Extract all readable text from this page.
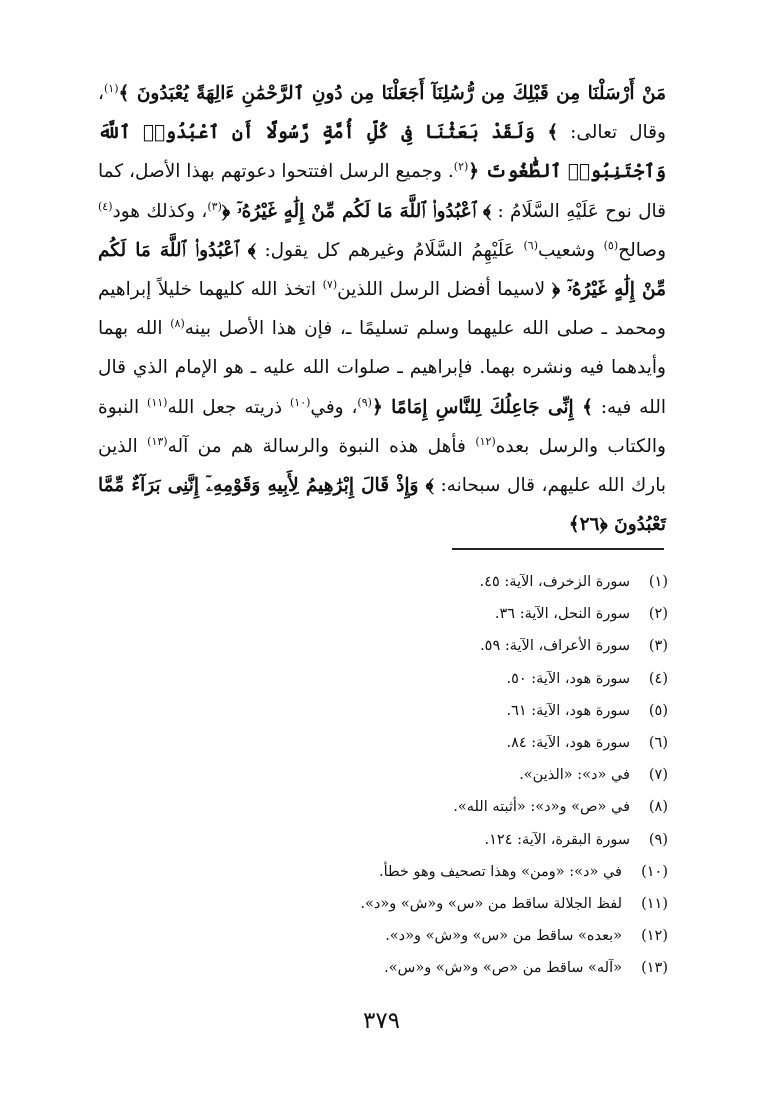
مَنْ أَرْسَلْنَا مِن قَبْلِكَ مِن رُّسُلِنَآ أَجَعَلْنَا مِن دُونِ ٱلرَّحْمَٰنِ ءَالِهَةً يُعْبَدُونَ ﴾$^{(١)}$، وقال تعالى: ﴾ وَلَقَدْ بَعَثْنَا فِى كُلِّ أُمَّةٍ رَّسُولًا أَنِ ٱعْبُدُوا۟ ٱللَّهَ وَٱجْتَنِبُوا۟ ٱلطَّٰغُوتَ ﴿$^{(٢)}$. وجميع الرسل افتتحوا دعوتهم بهذا الأصل، كما قال نوح عَلَيْهِ السَّلَامُ : ﴾ ٱعْبُدُوا۟ ٱللَّهَ مَا لَكُم مِّنْ إِلَٰهٍ غَيْرُهُۥٓ ﴿$^{(٣)}$، وكذلك هود$^{(٤)}$ وصالح$^{(٥)}$ وشعيب$^{(٦)}$ عَلَيْهِمُ السَّلَامُ وغيرهم كل يقول: ﴾ ٱعْبُدُوا۟ ٱللَّهَ مَا لَكُم مِّنْ إِلَٰهٍ غَيْرُهُۥٓ ﴿ لاسيما أفضل الرسل اللذين$^{(٧)}$ اتخذ الله كليهما خليلاً إبراهيم ومحمد ـ صلى الله عليهما وسلم تسليمًا ـ، فإن هذا الأصل بينه$^{(٨)}$ الله بهما وأيدهما فيه ونشره بهما. فإبراهيم ـ صلوات الله عليه ـ هو الإمام الذي قال الله فيه: ﴾ إِنِّى جَاعِلُكَ لِلنَّاسِ إِمَامًا ﴿$^{(٩)}$، وفي$^{(١٠)}$ ذريته جعل الله$^{(١١)}$ النبوة والكتاب والرسل بعده$^{(١٢)}$ فأهل هذه النبوة والرسالة هم من آله$^{(١٣)}$ الذين بارك الله عليهم، قال سبحانه: ﴾ وَإِذْ قَالَ إِبْرَٰهِيمُ لِأَبِيهِ وَقَوْمِهِۦٓ إِنَّنِى بَرَآءٌ مِّمَّا تَعْبُدُونَ ﴿٢٦﴾

(١)
سورة الزخرف، الآية: ٤٥.
(٢)
سورة النحل، الآية: ٣٦.
(٣)
سورة الأعراف، الآية: ٥٩.
(٤)
سورة هود، الآية: ٥٠.
(٥)
سورة هود، الآية: ٦١.
(٦)
سورة هود، الآية: ٨٤.
(٧)
في «د»: «الذين».
(٨)
في «ص» و«د»: «أثبته الله».
(٩)
سورة البقرة، الآية: ١٢٤.
(١٠)
في «د»: «ومن» وهذا تصحيف وهو خطأ.
(١١)
لفظ الجلالة ساقط من «س» و«ش» و«د».
(١٢)
«بعده» ساقط من «س» و«ش» و«د».
(١٣)
«آله» ساقط من «ص» و«ش» و«س».
٣٧٩
